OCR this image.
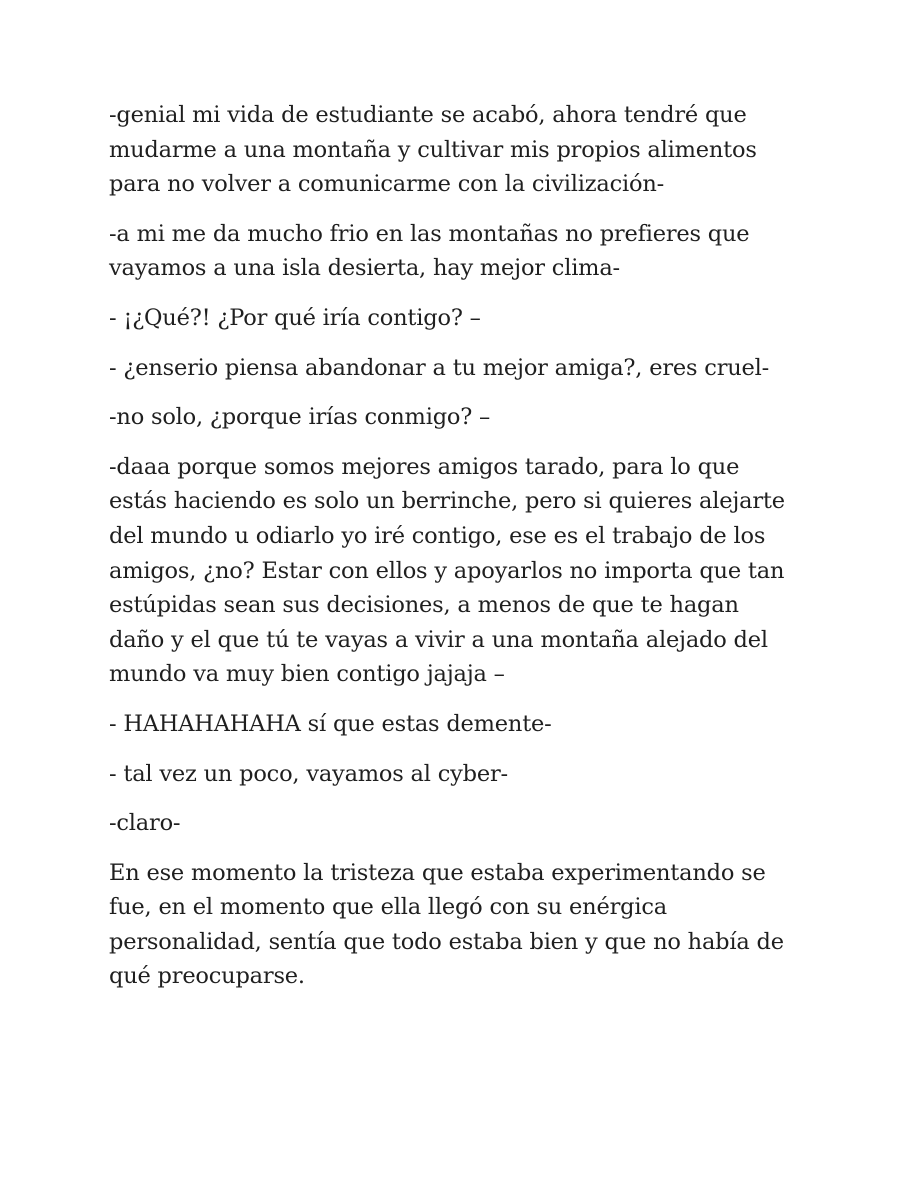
-genial mi vida de estudiante se acabó, ahora tendré que
mudarme a una montaña y cultivar mis propios alimentos
para no volver a comunicarme con la civilización-

-a mi me da mucho frio en las montañas no prefieres que
vayamos a una isla desierta, hay mejor clima-

- ¡¿Qué?! ¿Por qué iría contigo? –

- ¿enserio piensa abandonar a tu mejor amiga?, eres cruel-

-no solo, ¿porque irías conmigo? –

-daaa porque somos mejores amigos tarado, para lo que
estás haciendo es solo un berrinche, pero si quieres alejarte
del mundo u odiarlo yo iré contigo, ese es el trabajo de los
amigos, ¿no? Estar con ellos y apoyarlos no importa que tan
estúpidas sean sus decisiones, a menos de que te hagan
daño y el que tú te vayas a vivir a una montaña alejado del
mundo va muy bien contigo jajaja –

- HAHAHAHAHA sí que estas demente-

- tal vez un poco, vayamos al cyber-

-claro-

En ese momento la tristeza que estaba experimentando se
fue, en el momento que ella llegó con su enérgica
personalidad, sentía que todo estaba bien y que no había de
qué preocuparse.
